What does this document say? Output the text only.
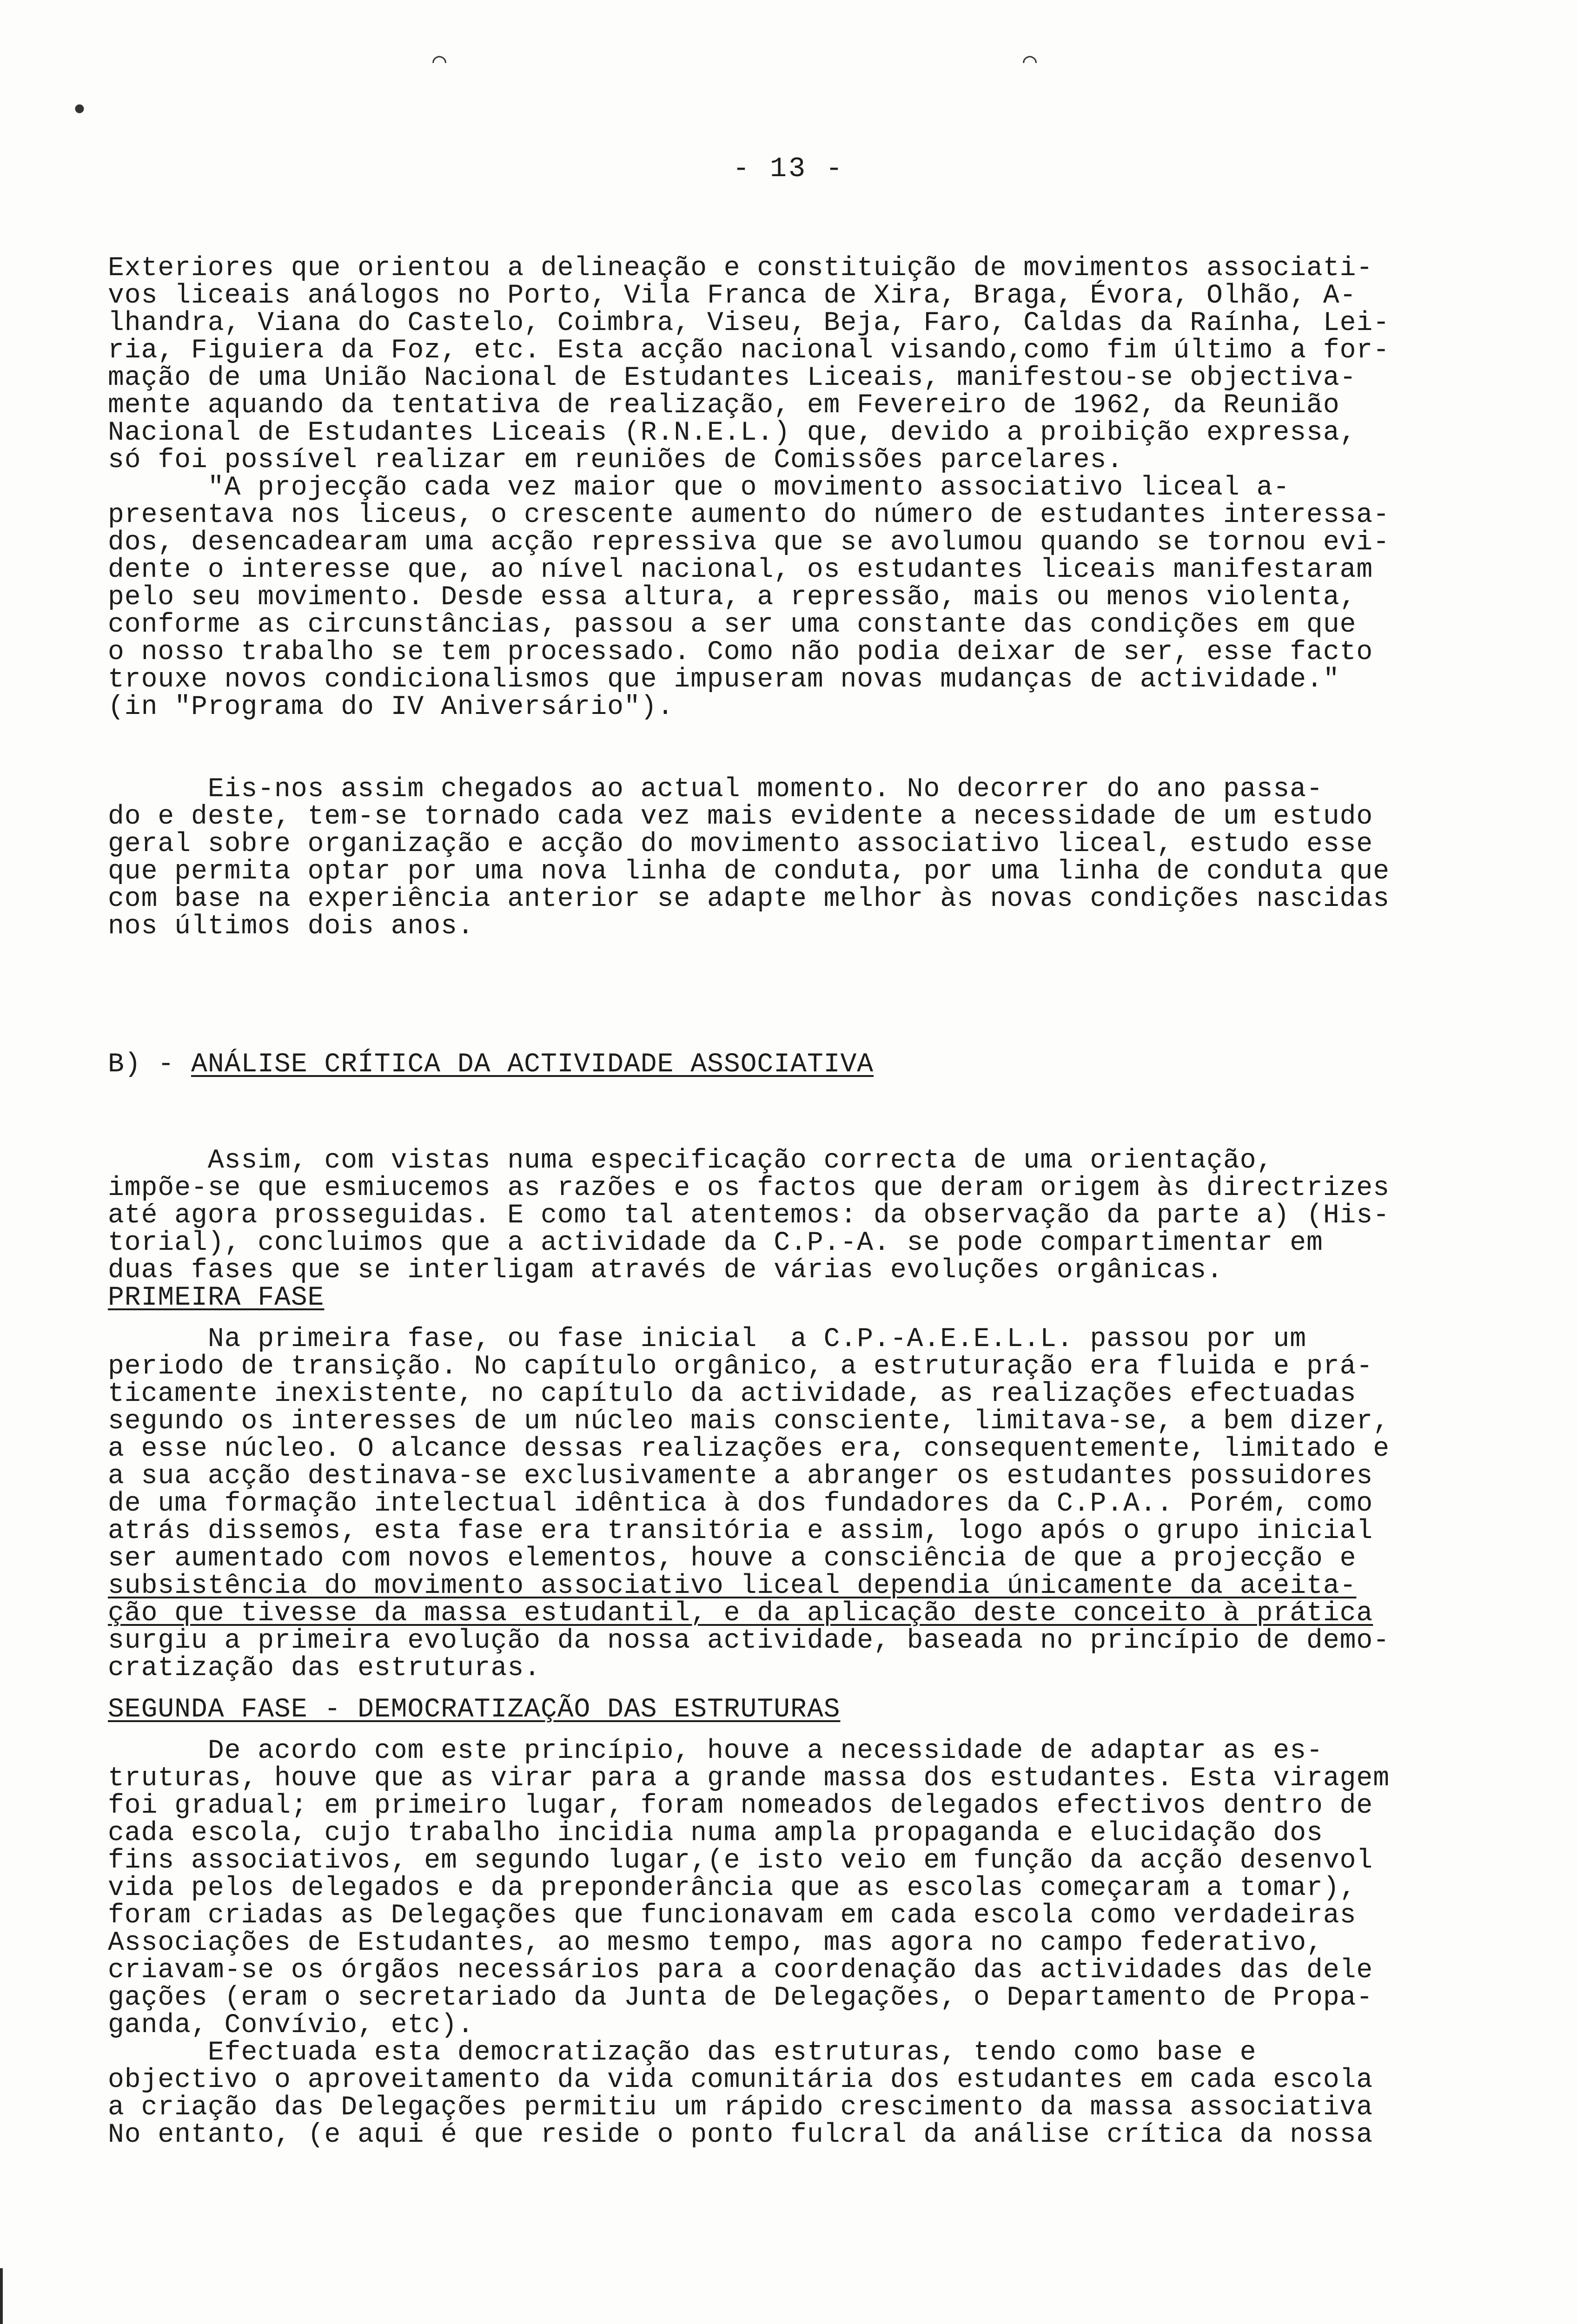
•
⌒	⌒
- 13 -
Exteriores que orientou a delineação e constituição de movimentos associati-
vos liceais análogos no Porto, Vila Franca de Xira, Braga, Évora, Olhão, A-
lhandra, Viana do Castelo, Coimbra, Viseu, Beja, Faro, Caldas da Raínha, Lei-
ria, Figuiera da Foz, etc. Esta acção nacional visando,como fim último a for-
mação de uma União Nacional de Estudantes Liceais, manifestou-se objectiva-
mente aquando da tentativa de realização, em Fevereiro de 1962, da Reunião
Nacional de Estudantes Liceais (R.N.E.L.) que, devido a proibição expressa,
só foi possível realizar em reuniões de Comissões parcelares.
"A projecção cada vez maior que o movimento associativo liceal a-
presentava nos liceus, o crescente aumento do número de estudantes interessa-
dos, desencadearam uma acção repressiva que se avolumou quando se tornou evi-
dente o interesse que, ao nível nacional, os estudantes liceais manifestaram
pelo seu movimento. Desde essa altura, a repressão, mais ou menos violenta,
conforme as circunstâncias, passou a ser uma constante das condições em que
o nosso trabalho se tem processado. Como não podia deixar de ser, esse facto
trouxe novos condicionalismos que impuseram novas mudanças de actividade."
(in "Programa do IV Aniversário").
Eis-nos assim chegados ao actual momento. No decorrer do ano passa-
do e deste, tem-se tornado cada vez mais evidente a necessidade de um estudo
geral sobre organização e acção do movimento associativo liceal, estudo esse
que permita optar por uma nova linha de conduta, por uma linha de conduta que
com base na experiência anterior se adapte melhor às novas condições nascidas
nos últimos dois anos.
B) - ANÁLISE CRÍTICA DA ACTIVIDADE ASSOCIATIVA
Assim, com vistas numa especificação correcta de uma orientação,
impõe-se que esmiucemos as razões e os factos que deram origem às directrizes
até agora prosseguidas. E como tal atentemos: da observação da parte a) (His-
torial), concluimos que a actividade da C.P.-A. se pode compartimentar em
duas fases que se interligam através de várias evoluções orgânicas.
PRIMEIRA FASE
Na primeira fase, ou fase inicial  a C.P.-A.E.E.L.L. passou por um
periodo de transição. No capítulo orgânico, a estruturação era fluida e prá-
ticamente inexistente, no capítulo da actividade, as realizações efectuadas
segundo os interesses de um núcleo mais consciente, limitava-se, a bem dizer,
a esse núcleo. O alcance dessas realizações era, consequentemente, limitado e
a sua acção destinava-se exclusivamente a abranger os estudantes possuidores
de uma formação intelectual idêntica à dos fundadores da C.P.A.. Porém, como
atrás dissemos, esta fase era transitória e assim, logo após o grupo inicial
ser aumentado com novos elementos, houve a consciência de que a projecção e
subsistência do movimento associativo liceal dependia únicamente da aceita-
ção que tivesse da massa estudantil, e da aplicação deste conceito à prática
surgiu a primeira evolução da nossa actividade, baseada no princípio de demo-
cratização das estruturas.
SEGUNDA FASE - DEMOCRATIZAÇÃO DAS ESTRUTURAS
De acordo com este princípio, houve a necessidade de adaptar as es-
truturas, houve que as virar para a grande massa dos estudantes. Esta viragem
foi gradual; em primeiro lugar, foram nomeados delegados efectivos dentro de
cada escola, cujo trabalho incidia numa ampla propaganda e elucidação dos
fins associativos, em segundo lugar,(e isto veio em função da acção desenvol
vida pelos delegados e da preponderância que as escolas começaram a tomar),
foram criadas as Delegações que funcionavam em cada escola como verdadeiras
Associações de Estudantes, ao mesmo tempo, mas agora no campo federativo,
criavam-se os órgãos necessários para a coordenação das actividades das dele
gações (eram o secretariado da Junta de Delegações, o Departamento de Propa-
ganda, Convívio, etc).
Efectuada esta democratização das estruturas, tendo como base e
objectivo o aproveitamento da vida comunitária dos estudantes em cada escola
a criação das Delegações permitiu um rápido crescimento da massa associativa
No entanto, (e aqui é que reside o ponto fulcral da análise crítica da nossa
